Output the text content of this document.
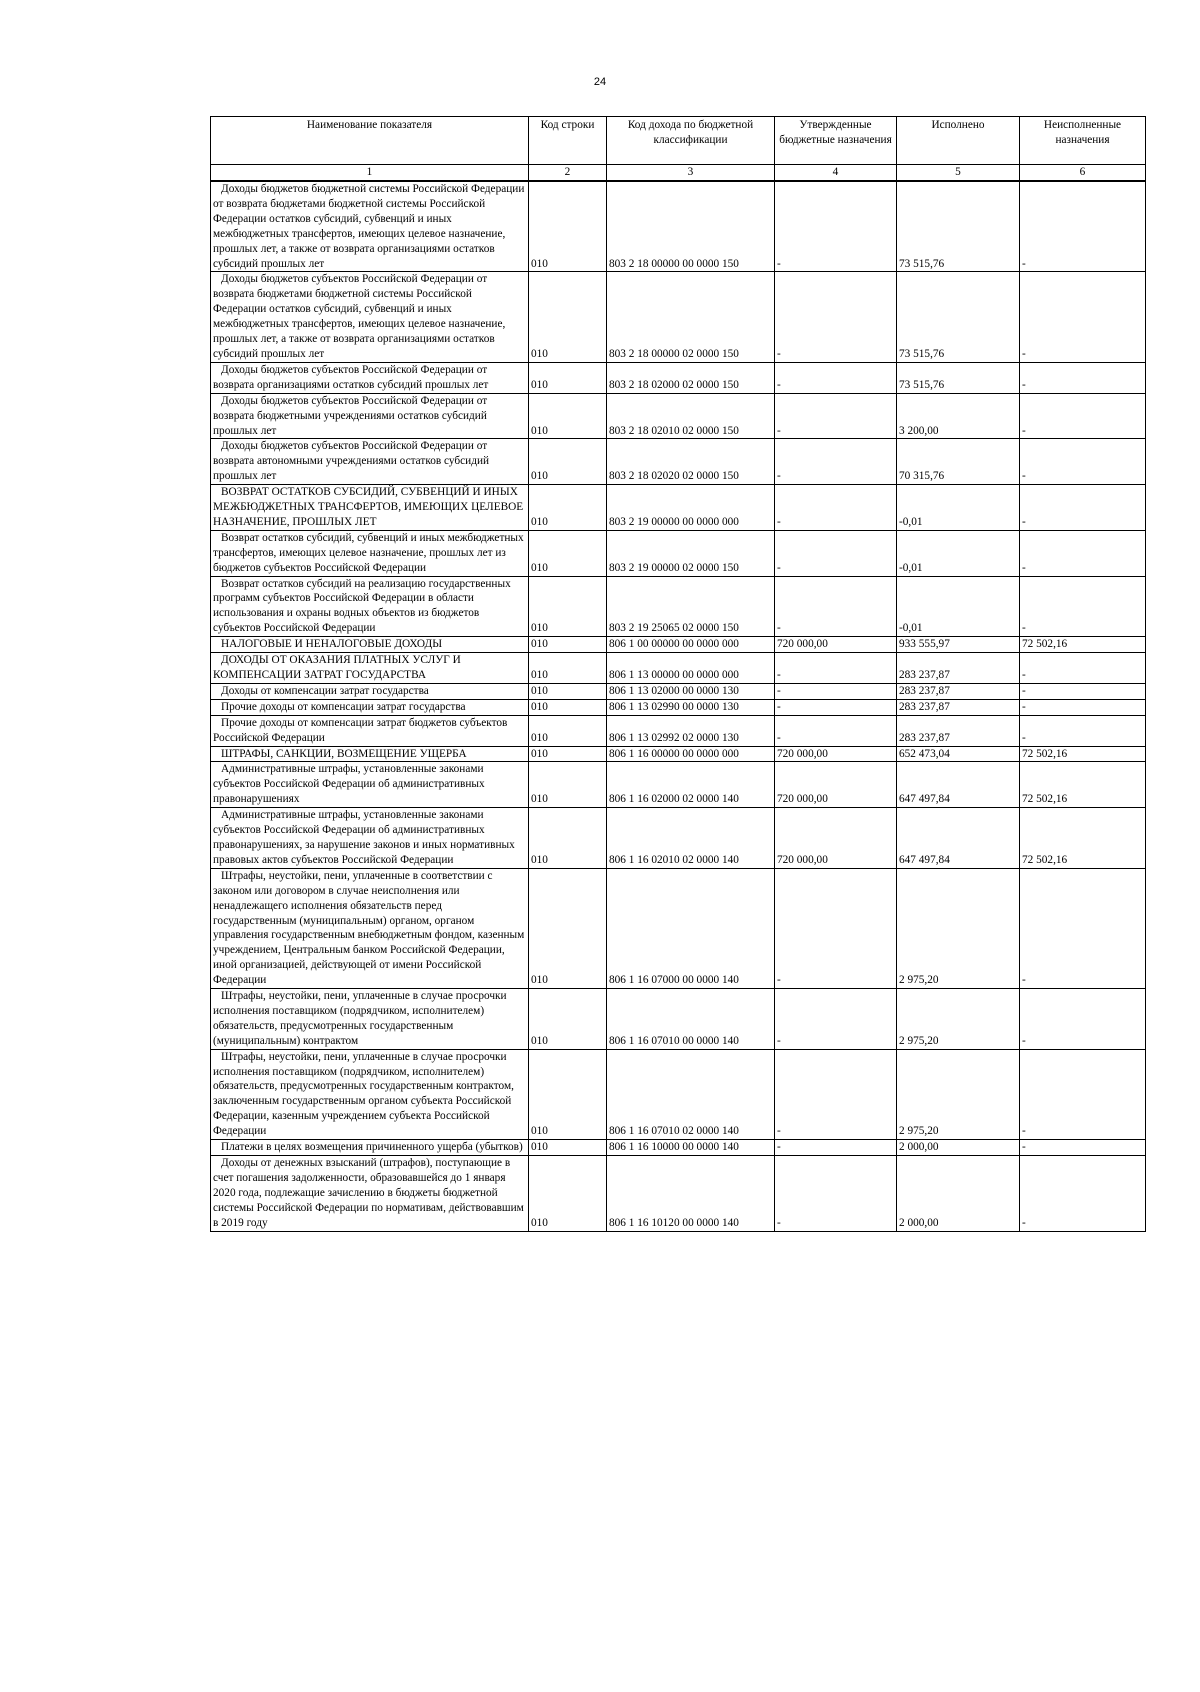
24
Наименование показателя	Код строки	Код дохода по бюджетной классификации	Утвержденные бюджетные назначения	Исполнено	Неисполненные назначения
1	2	3	4	5	6
Доходы бюджетов бюджетной системы Российской Федерации от возврата бюджетами бюджетной системы Российской Федерации остатков субсидий, субвенций и иных межбюджетных трансфертов, имеющих целевое назначение, прошлых лет, а также от возврата организациями остатков субсидий прошлых лет	010	803 2 18 00000 00 0000 150	-	73 515,76	-
Доходы бюджетов субъектов Российской Федерации от возврата бюджетами бюджетной системы Российской Федерации остатков субсидий, субвенций и иных межбюджетных трансфертов, имеющих целевое назначение, прошлых лет, а также от возврата организациями остатков субсидий прошлых лет	010	803 2 18 00000 02 0000 150	-	73 515,76	-
Доходы бюджетов субъектов Российской Федерации от возврата организациями остатков субсидий прошлых лет	010	803 2 18 02000 02 0000 150	-	73 515,76	-
Доходы бюджетов субъектов Российской Федерации от возврата бюджетными учреждениями остатков субсидий прошлых лет	010	803 2 18 02010 02 0000 150	-	3 200,00	-
Доходы бюджетов субъектов Российской Федерации от возврата автономными учреждениями остатков субсидий прошлых лет	010	803 2 18 02020 02 0000 150	-	70 315,76	-
ВОЗВРАТ ОСТАТКОВ СУБСИДИЙ, СУБВЕНЦИЙ И ИНЫХ МЕЖБЮДЖЕТНЫХ ТРАНСФЕРТОВ, ИМЕЮЩИХ ЦЕЛЕВОЕ НАЗНАЧЕНИЕ, ПРОШЛЫХ ЛЕТ	010	803 2 19 00000 00 0000 000	-	-0,01	-
Возврат остатков субсидий, субвенций и иных межбюджетных трансфертов, имеющих целевое назначение, прошлых лет из бюджетов субъектов Российской Федерации	010	803 2 19 00000 02 0000 150	-	-0,01	-
Возврат остатков субсидий на реализацию государственных программ субъектов Российской Федерации в области использования и охраны водных объектов из бюджетов субъектов Российской Федерации	010	803 2 19 25065 02 0000 150	-	-0,01	-
НАЛОГОВЫЕ И НЕНАЛОГОВЫЕ ДОХОДЫ	010	806 1 00 00000 00 0000 000	720 000,00	933 555,97	72 502,16
ДОХОДЫ ОТ ОКАЗАНИЯ ПЛАТНЫХ УСЛУГ И КОМПЕНСАЦИИ ЗАТРАТ ГОСУДАРСТВА	010	806 1 13 00000 00 0000 000	-	283 237,87	-
Доходы от компенсации затрат государства	010	806 1 13 02000 00 0000 130	-	283 237,87	-
Прочие доходы от компенсации затрат государства	010	806 1 13 02990 00 0000 130	-	283 237,87	-
Прочие доходы от компенсации затрат бюджетов субъектов Российской Федерации	010	806 1 13 02992 02 0000 130	-	283 237,87	-
ШТРАФЫ, САНКЦИИ, ВОЗМЕЩЕНИЕ УЩЕРБА	010	806 1 16 00000 00 0000 000	720 000,00	652 473,04	72 502,16
Административные штрафы, установленные законами субъектов Российской Федерации об административных правонарушениях	010	806 1 16 02000 02 0000 140	720 000,00	647 497,84	72 502,16
Административные штрафы, установленные законами субъектов Российской Федерации об административных правонарушениях, за нарушение законов и иных нормативных правовых актов субъектов Российской Федерации	010	806 1 16 02010 02 0000 140	720 000,00	647 497,84	72 502,16
Штрафы, неустойки, пени, уплаченные в соответствии с законом или договором в случае неисполнения или ненадлежащего исполнения обязательств перед государственным (муниципальным) органом, органом управления государственным внебюджетным фондом, казенным учреждением, Центральным банком Российской Федерации, иной организацией, действующей от имени Российской Федерации	010	806 1 16 07000 00 0000 140	-	2 975,20	-
Штрафы, неустойки, пени, уплаченные в случае просрочки исполнения поставщиком (подрядчиком, исполнителем) обязательств, предусмотренных государственным (муниципальным) контрактом	010	806 1 16 07010 00 0000 140	-	2 975,20	-
Штрафы, неустойки, пени, уплаченные в случае просрочки исполнения поставщиком (подрядчиком, исполнителем) обязательств, предусмотренных государственным контрактом, заключенным государственным органом субъекта Российской Федерации, казенным учреждением субъекта Российской Федерации	010	806 1 16 07010 02 0000 140	-	2 975,20	-
Платежи в целях возмещения причиненного ущерба (убытков)	010	806 1 16 10000 00 0000 140	-	2 000,00	-
Доходы от денежных взысканий (штрафов), поступающие в счет погашения задолженности, образовавшейся до 1 января 2020 года, подлежащие зачислению в бюджеты бюджетной системы Российской Федерации по нормативам, действовавшим в 2019 году	010	806 1 16 10120 00 0000 140	-	2 000,00	-
